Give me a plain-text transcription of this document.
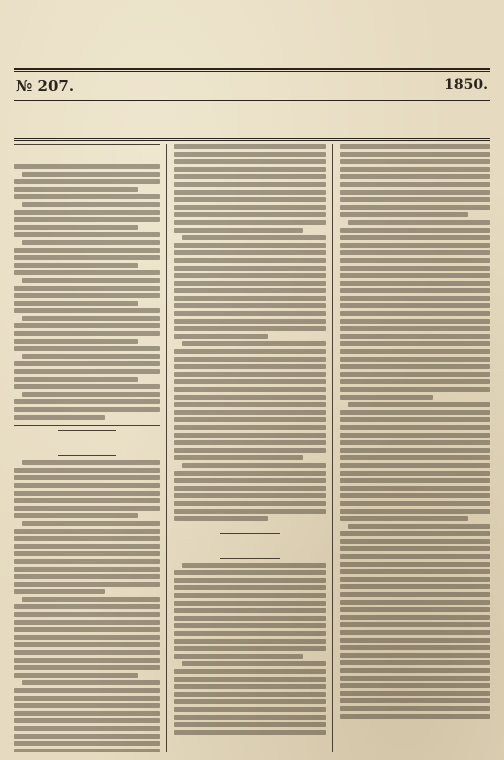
№ 207.	1850.
